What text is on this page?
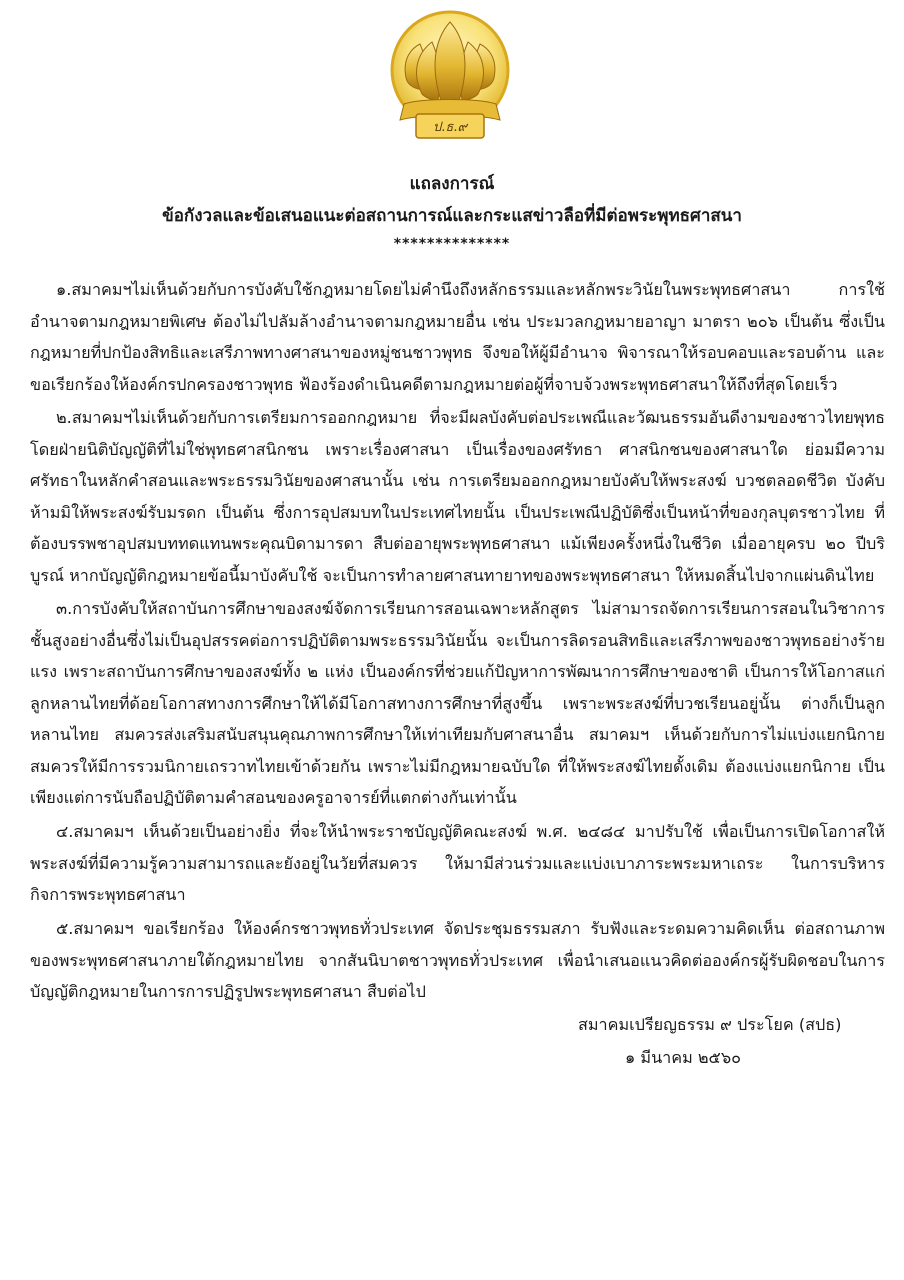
ป.ธ.๙
แถลงการณ์
ข้อกังวลและข้อเสนอแนะต่อสถานการณ์และกระแสข่าวลือที่มีต่อพระพุทธศาสนา
**************

๑.สมาคมฯไม่เห็นด้วยกับการบังคับใช้กฎหมายโดยไม่คำนึงถึงหลักธรรมและหลักพระวินัยในพระพุทธศาสนา การใช้อำนาจตามกฎหมายพิเศษ ต้องไม่ไปลัมล้างอำนาจตามกฎหมายอื่น เช่น ประมวลกฎหมายอาญา มาตรา ๒๐๖ เป็นต้น ซึ่งเป็นกฎหมายที่ปกป้องสิทธิและเสรีภาพทางศาสนาของหมู่ชนชาวพุทธ จึงขอให้ผู้มีอำนาจ พิจารณาให้รอบคอบและรอบด้าน และขอเรียกร้องให้องค์กรปกครองชาวพุทธ ฟ้องร้องดำเนินคดีตามกฎหมายต่อผู้ที่จาบจ้วงพระพุทธศาสนาให้ถึงที่สุดโดยเร็ว

๒.สมาคมฯไม่เห็นด้วยกับการเตรียมการออกกฎหมาย ที่จะมีผลบังคับต่อประเพณีและวัฒนธรรมอันดีงามของชาวไทยพุทธ โดยฝ่ายนิติบัญญัติที่ไม่ใช่พุทธศาสนิกชน เพราะเรื่องศาสนา เป็นเรื่องของศรัทธา ศาสนิกชนของศาสนาใด ย่อมมีความศรัทธาในหลักคำสอนและพระธรรมวินัยของศาสนานั้น เช่น การเตรียมออกกฎหมายบังคับให้พระสงฆ์ บวชตลอดชีวิต บังคับห้ามมิให้พระสงฆ์รับมรดก เป็นต้น ซึ่งการอุปสมบทในประเทศไทยนั้น เป็นประเพณีปฏิบัติซึ่งเป็นหน้าที่ของกุลบุตรชาวไทย ที่ต้องบรรพชาอุปสมบททดแทนพระคุณบิดามารดา สืบต่ออายุพระพุทธศาสนา แม้เพียงครั้งหนึ่งในชีวิต เมื่ออายุครบ ๒๐ ปีบริบูรณ์ หากบัญญัติกฎหมายข้อนี้มาบังคับใช้ จะเป็นการทำลายศาสนทายาทของพระพุทธศาสนา ให้หมดสิ้นไปจากแผ่นดินไทย

๓.การบังคับให้สถาบันการศึกษาของสงฆ์จัดการเรียนการสอนเฉพาะหลักสูตร ไม่สามารถจัดการเรียนการสอนในวิชาการชั้นสูงอย่างอื่นซึ่งไม่เป็นอุปสรรคต่อการปฏิบัติตามพระธรรมวินัยนั้น จะเป็นการลิดรอนสิทธิและเสรีภาพของชาวพุทธอย่างร้ายแรง เพราะสถาบันการศึกษาของสงฆ์ทั้ง ๒ แห่ง เป็นองค์กรที่ช่วยแก้ปัญหาการพัฒนาการศึกษาของชาติ เป็นการให้โอกาสแก่ลูกหลานไทยที่ด้อยโอกาสทางการศึกษาให้ได้มีโอกาสทางการศึกษาที่สูงขึ้น เพราะพระสงฆ์ที่บวชเรียนอยู่นั้น ต่างก็เป็นลูกหลานไทย สมควรส่งเสริมสนับสนุนคุณภาพการศึกษาให้เท่าเทียมกับศาสนาอื่น สมาคมฯ เห็นด้วยกับการไม่แบ่งแยกนิกาย สมควรให้มีการรวมนิกายเถรวาทไทยเข้าด้วยกัน เพราะไม่มีกฎหมายฉบับใด ที่ให้พระสงฆ์ไทยดั้งเดิม ต้องแบ่งแยกนิกาย เป็นเพียงแต่การนับถือปฏิบัติตามคำสอนของครูอาจารย์ที่แตกต่างกันเท่านั้น

๔.สมาคมฯ เห็นด้วยเป็นอย่างยิ่ง ที่จะให้นำพระราชบัญญัติคณะสงฆ์ พ.ศ. ๒๔๘๔ มาปรับใช้ เพื่อเป็นการเปิดโอกาสให้พระสงฆ์ที่มีความรู้ความสามารถและยังอยู่ในวัยที่สมควร ให้มามีส่วนร่วมและแบ่งเบาภาระพระมหาเถระ ในการบริหารกิจการพระพุทธศาสนา

๕.สมาคมฯ ขอเรียกร้อง ให้องค์กรชาวพุทธทั่วประเทศ จัดประชุมธรรมสภา รับฟังและระดมความคิดเห็น ต่อสถานภาพของพระพุทธศาสนาภายใต้กฎหมายไทย จากสันนิบาตชาวพุทธทั่วประเทศ เพื่อนำเสนอแนวคิดต่อองค์กรผู้รับผิดชอบในการบัญญัติกฎหมายในการการปฏิรูปพระพุทธศาสนา สืบต่อไป

สมาคมเปรียญธรรม ๙ ประโยค (สปธ)
๑ มีนาคม ๒๕๖๐
